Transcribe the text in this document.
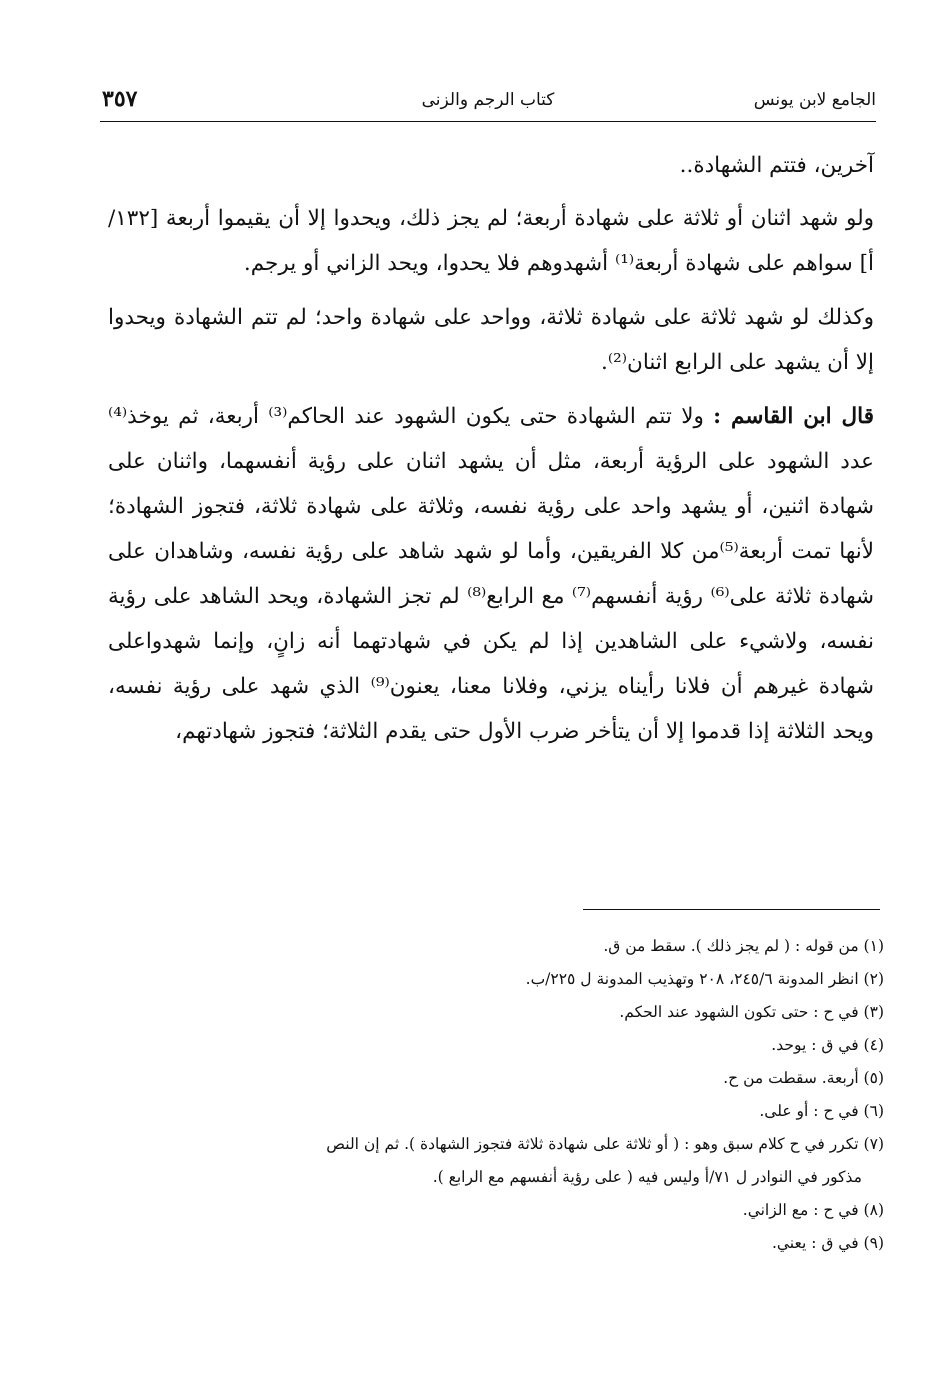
الجامع لابن يونس
كتاب الرجم والزنى
٣٥٧

آخرين، فتتم الشهادة..

ولو شهد اثنان أو ثلاثة على شهادة أربعة؛ لم يجز ذلك، ويحدوا إلا أن يقيموا أربعة [١٣٢/أ] سواهم على شهادة أربعة⁽¹⁾ أشهدوهم فلا يحدوا، ويحد الزاني أو يرجم.

وكذلك لو شهد ثلاثة على شهادة ثلاثة، وواحد على شهادة واحد؛ لم تتم الشهادة ويحدوا إلا أن يشهد على الرابع اثنان⁽²⁾.

قال ابن القاسم : ولا تتم الشهادة حتى يكون الشهود عند الحاكم⁽³⁾ أربعة، ثم يوخذ⁽⁴⁾ عدد الشهود على الرؤية أربعة، مثل أن يشهد اثنان على رؤية أنفسهما، واثنان على شهادة اثنين، أو يشهد واحد على رؤية نفسه، وثلاثة على شهادة ثلاثة، فتجوز الشهادة؛ لأنها تمت أربعة⁽⁵⁾من كلا الفريقين، وأما لو شهد شاهد على رؤية نفسه، وشاهدان على شهادة ثلاثة على⁽⁶⁾ رؤية أنفسهم⁽⁷⁾ مع الرابع⁽⁸⁾ لم تجز الشهادة، ويحد الشاهد على رؤية نفسه، ولاشيء على الشاهدين إذا لم يكن في شهادتهما أنه زانٍ، وإنما شهدواعلى شهادة غيرهم أن فلانا رأيناه يزني، وفلانا معنا، يعنون⁽⁹⁾ الذي شهد على رؤية نفسه، ويحد الثلاثة إذا قدموا إلا أن يتأخر ضرب الأول حتى يقدم الثلاثة؛ فتجوز شهادتهم،

(١) من قوله : ( لم يجز ذلك ). سقط من ق.

(٢) انظر المدونة ٢٤٥/٦، ٢٠٨ وتهذيب المدونة ل ٢٢٥/ب.

(٣) في ح : حتى تكون الشهود عند الحكم.

(٤) في ق : يوحد.

(٥) أربعة. سقطت من ح.

(٦) في ح : أو على.

(٧) تكرر في ح كلام سبق وهو : ( أو ثلاثة على شهادة ثلاثة فتجوز الشهادة ). ثم إن النص

مذكور في النوادر ل ٧١/أ وليس فيه ( على رؤية أنفسهم مع الرابع ).

(٨) في ح : مع الزاني.

(٩) في ق : يعني.
